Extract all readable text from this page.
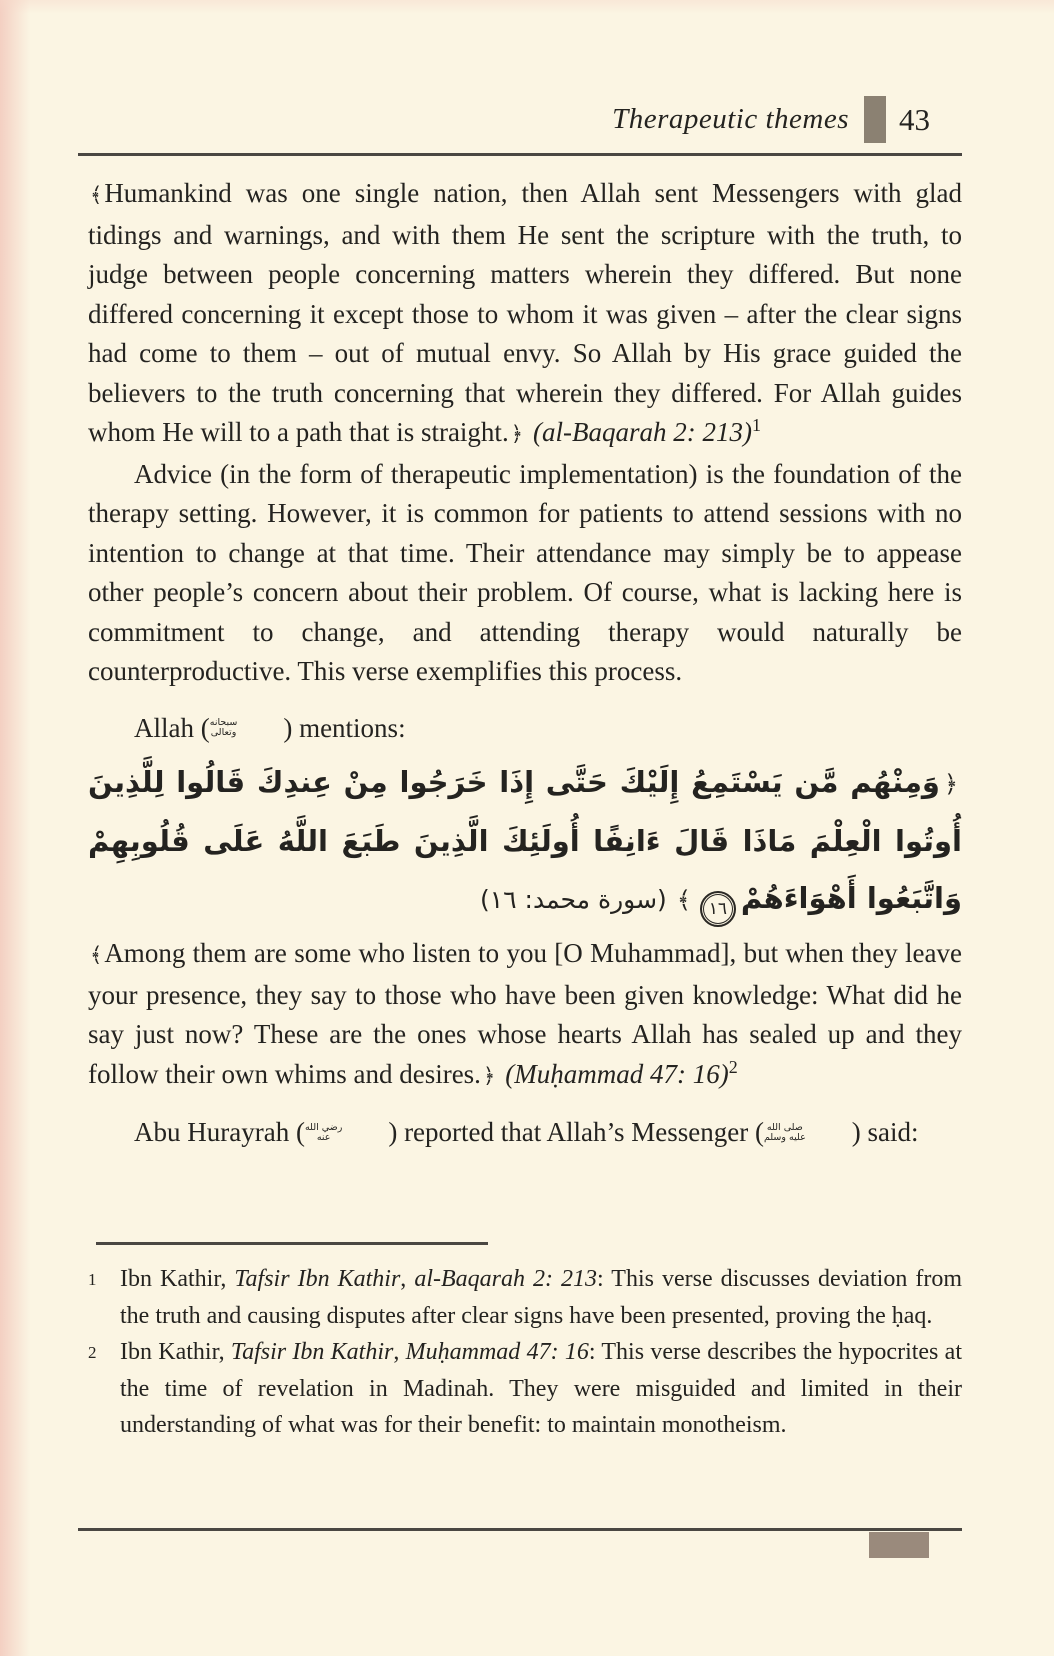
Therapeutic themes 43

﴾Humankind was one single nation, then Allah sent Messengers with glad tidings and warnings, and with them He sent the scripture with the truth, to judge between people concerning matters wherein they differed. But none differed concerning it except those to whom it was given – after the clear signs had come to them – out of mutual envy. So Allah by His grace guided the believers to the truth concerning that wherein they differed. For Allah guides whom He will to a path that is straight.﴿ (al-Baqarah 2: 213)$^1$

Advice (in the form of therapeutic implementation) is the foundation of the therapy setting. However, it is common for patients to attend sessions with no intention to change at that time. Their attendance may simply be to appease other people’s concern about their problem. Of course, what is lacking here is commitment to change, and attending therapy would naturally be counterproductive. This verse exemplifies this process.

Allah ( سبحانه
وتعالى	) mentions:

﴿وَمِنْهُم مَّن يَسْتَمِعُ إِلَيْكَ حَتَّى إِذَا خَرَجُوا مِنْ عِندِكَ قَالُوا لِلَّذِينَ أُوتُوا الْعِلْمَ مَاذَا قَالَ ءَانِفًا أُولَئِكَ الَّذِينَ طَبَعَ اللَّهُ عَلَى قُلُوبِهِمْ وَاتَّبَعُوا أَهْوَاءَهُمْ١٦﴾(سورة محمد: ١٦)

﴾Among them are some who listen to you [O Muhammad], but when they leave your presence, they say to those who have been given knowledge: What did he say just now? These are the ones whose hearts Allah has sealed up and they follow their own whims and desires.﴿ (Muḥammad 47: 16)$^2$

Abu Hurayrah ( رضي الله
عنه	) reported that Allah’s Messenger ( صلى الله
عليه وسلم	) said:

1 Ibn Kathir, Tafsir Ibn Kathir, al-Baqarah 2: 213: This verse discusses deviation from the truth and causing disputes after clear signs have been presented, proving the ḥaq.
2 Ibn Kathir, Tafsir Ibn Kathir, Muḥammad 47: 16: This verse describes the hypocrites at the time of revelation in Madinah. They were misguided and limited in their understanding of what was for their benefit: to maintain monotheism.
